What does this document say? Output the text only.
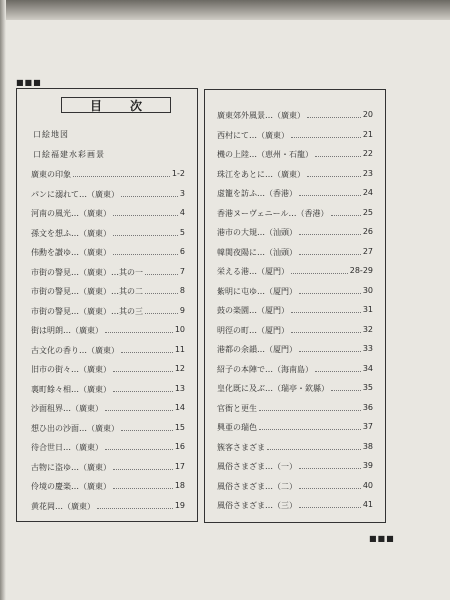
■■■
目次
口絵地図
口絵福建水彩画景
廣東の印象	1-2
パンに溺れて…（廣東）	3
河南の風光…（廣東）	4
孫文を想ふ…（廣東）	5
伟勳を讃ゆ…（廣東）	6
市街の警見…（廣東）…其の一	7
市街の警見…（廣東）…其の二	8
市街の警見…（廣東）…其の三	9
街は明朗…（廣東）	10
古文化の香り…（廣東）	11
旧市の街々…（廣東）	12
裏町餘々相…（廣東）	13
沙面租界…（廣東）	14
想ひ出の沙面…（廣東）	15
待合世日…（廣東）	16
古物に盗ゆ…（廣東）	17
伶境の慶楽…（廣東）	18
黄花岡…（廣東）	19
廣東郊外風景…（廣東）	20
西村にて…（廣東）	21
機の上陸…（恵州・石龍）	22
珠江をあとに…（廣東）	23
虚籠を訪ふ…（香港）	24
香港ヌーヴェニール…（香港）	25
港市の大規…（汕頭）	26
韓関夜陽に…（汕頭）	27
栄える港…（厦門）	28-29
紫明に屯ゆ…（厦門）	30
鼓の楽園…（厦門）	31
明徑の町…（厦門）	32
港都の余韻…（厦門）	33
紹子の本陣で…（海南島）	34
皇化既に及ぶ…（瑞亭・欽縣）	35
官衙と更生	36
興亜の瑞色	37
簇客さまざま	38
風俗さまざま…（一）	39
風俗さまざま…（二）	40
風俗さまざま…（三）	41
■■■
